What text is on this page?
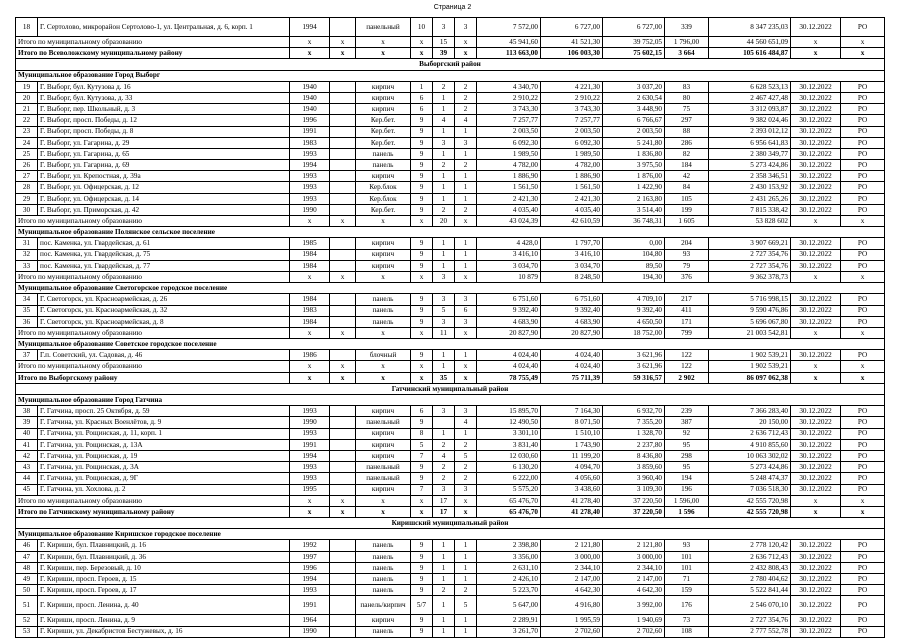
Страница 2
18	Г. Сертолово, микрорайон Сертолово-1, ул. Центральная, д. 6, корп. 1	1994		панельный	10	3	3	7 572,00	6 727,00	6 727,00	339	8 347 235,03	30.12.2022	РО
Итого по муниципальному образованию		x	x	x	x	15	x	45 941,60	41 521,30	39 752,05	1 796,00	44 560 651,09	x	x
Итого по Всеволожскому муниципальному району		x	x	x	x	39	x	113 663,00	106 003,30	75 602,15	3 664	105 616 484,87	x	x
Выборгский район														
Муниципальное образование Город Выборг														
19	Г. Выборг, бул. Кутузова д. 16	1940		кирпич	1	2	2	4 340,70	4 221,30	3 037,20	83	6 628 523,13	30.12.2022	РО
20	Г. Выборг, бул. Кутузова, д. 33	1940		кирпич	6	1	2	2 910,22	2 910,22	2 630,54	80	2 467 427,48	30.12.2022	РО
21	Г. Выборг, пер. Школьный, д. 3	1940		кирпич	6	1	2	3 743,30	3 743,30	3 448,90	75	3 312 093,87	30.12.2022	РО
22	Г. Выборг, просп. Победы, д. 12	1996		Кер.бет.	9	4	4	7 257,77	7 257,77	6 766,67	297	9 382 024,46	30.12.2022	РО
23	Г. Выборг, просп. Победы, д. 8	1991		Кер.бет.	9	1	1	2 003,50	2 003,50	2 003,50	88	2 393 012,12	30.12.2022	РО
24	Г. Выборг, ул. Гагарина, д. 29	1983		Кер.бет.	9	3	3	6 092,30	6 092,30	5 241,80	286	6 956 641,83	30.12.2022	РО
25	Г. Выборг, ул. Гагарина, д. 65	1993		панель	9	1	1	1 989,50	1 989,50	1 836,80	82	2 380 349,77	30.12.2022	РО
26	Г. Выборг, ул. Гагарина, д. 69	1994		панель	9	2	2	4 782,00	4 782,00	3 975,50	184	5 273 424,86	30.12.2022	РО
27	Г. Выборг, ул. Крепостная, д. 39а	1993		кирпич	9	1	1	1 886,90	1 886,90	1 876,00	42	2 358 346,51	30.12.2022	РО
28	Г. Выборг, ул. Офицерская, д. 12	1993		Кер.блок	9	1	1	1 561,50	1 561,50	1 422,90	84	2 430 153,92	30.12.2022	РО
29	Г. Выборг, ул. Офицерская, д. 14	1993		Кер.блок	9	1	1	2 421,30	2 421,30	2 163,80	105	2 431 265,26	30.12.2022	РО
30	Г. Выборг, ул. Приморская, д. 42	1990		Кер.бет.	9	2	2	4 035,40	4 035,40	3 514,40	199	7 815 338,42	30.12.2022	РО
Итого по муниципальному образованию		x	x	x	x	20	x	43 024,39	42 610,59	36 748,31	1 605	53 828 602	x	x
Муниципальное образование Полянское сельское поселение														
31	пос. Каменка, ул. Гвардейская, д. 61	1985		кирпич	9	1	1	4 428,0	1 797,70	0,00	204	3 907 669,21	30.12.2022	РО
32	пос. Каменка, ул. Гвардейская, д. 75	1984		кирпич	9	1	1	3 416,10	3 416,10	104,80	93	2 727 354,76	30.12.2022	РО
33	пос. Каменка, ул. Гвардейская, д. 77	1984		кирпич	9	1	1	3 034,70	3 034,70	89,50	79	2 727 354,76	30.12.2022	РО
Итого по муниципальному образованию		x	x	x	x	3	x	10 879	8 248,50	194,30	376	9 362 378,73	x	x
Муниципальное образование Светогорское городское поселение														
34	Г. Светогорск, ул. Красноармейская, д. 26	1984		панель	9	3	3	6 751,60	6 751,60	4 709,10	217	5 716 998,15	30.12.2022	РО
35	Г. Светогорск, ул. Красноармейская, д. 32	1983		панель	9	5	6	9 392,40	9 392,40	9 392,40	411	9 590 476,86	30.12.2022	РО
36	Г. Светогорск, ул. Красноармейская, д. 8	1984		панель	9	3	3	4 683,90	4 683,90	4 650,50	171	5 696 067,80	30.12.2022	РО
Итого по муниципальному образованию		x	x	x	x	11	x	20 827,90	20 827,90	18 752,00	799	21 003 542,81	x	x
Муниципальное образование Советское городское поселение														
37	Г.п. Советский, ул. Садовая, д. 46	1986		блочный	9	1	1	4 024,40	4 024,40	3 621,96	122	1 902 539,21	30.12.2022	РО
Итого по муниципальному образованию		x	x	x	x	1	x	4 024,40	4 024,40	3 621,96	122	1 902 539,21	x	x
Итого по Выборгскому району		x	x	x	x	35	x	78 755,49	75 711,39	59 316,57	2 902	86 097 062,38	x	x
Гатчинский муниципальный район														
Муниципальное образование Город Гатчина														
38	Г. Гатчина, просп. 25 Октября, д. 59	1993		кирпич	6	3	3	15 895,70	7 164,30	6 932,70	239	7 366 283,40	30.12.2022	РО
39	Г. Гатчина, ул. Красных Военлётов, д. 9	1990		панельный	9		4	12 490,50	8 071,50	7 355,20	387	20 150,00	30.12.2022	РО
40	Г. Гатчина, ул. Рощинская, д. 11, корп. 1	1993		кирпич	8	1	1	3 301,10	1 510,10	1 328,70	92	2 636 712,43	30.12.2022	РО
41	Г. Гатчина, ул. Рощинская, д. 13А	1991		кирпич	5	2	2	3 831,40	1 743,90	2 237,80	95	4 910 855,60	30.12.2022	РО
42	Г. Гатчина, ул. Рощинская, д. 19	1994		кирпич	7	4	5	12 030,60	11 199,20	8 436,80	298	10 063 302,02	30.12.2022	РО
43	Г. Гатчина, ул. Рощинская, д. 3А	1993		панельный	9	2	2	6 130,20	4 094,70	3 859,60	95	5 273 424,86	30.12.2022	РО
44	Г. Гатчина, ул. Рощинская, д. 9Г	1993		панельный	9	2	2	6 222,00	4 056,60	3 960,40	194	5 248 474,37	30.12.2022	РО
45	Г. Гатчина, ул. Хохлова, д. 2	1995		кирпич	7	3	3	5 575,20	3 438,60	3 109,30	196	7 036 518,30	30.12.2022	РО
Итого по муниципальному образованию		x	x	x	x	17	x	65 476,70	41 278,40	37 220,50	1 596,00	42 555 720,98	x	x
Итого по Гатчинскому муниципальному району		x	x	x	x	17	x	65 476,70	41 278,40	37 220,50	1 596	42 555 720,98	x	x
Киришский муниципальный район														
Муниципальное образование Киришское городское поселение														
46	Г. Кириши, бул. Плавницкий, д. 16	1992		панель	9	1	1	2 398,80	2 121,80	2 121,80	93	2 778 120,42	30.12.2022	РО
47	Г. Кириши, бул. Плавницкий, д. 36	1997		панель	9	1	1	3 356,00	3 000,00	3 000,00	101	2 636 712,43	30.12.2022	РО
48	Г. Кириши, пер. Березовый, д. 10	1996		панель	9	1	1	2 631,10	2 344,10	2 344,10	101	2 432 808,43	30.12.2022	РО
49	Г. Кириши, просп. Героев, д. 15	1994		панель	9	1	1	2 426,10	2 147,00	2 147,00	71	2 780 404,62	30.12.2022	РО
50	Г. Кириши, просп. Героев, д. 17	1993		панель	9	2	2	5 223,70	4 642,30	4 642,30	159	5 522 841,44	30.12.2022	РО
51	Г. Кириши, просп. Ленина, д. 40	1991		панель/кирпич	5/7	1	5	5 647,00	4 916,80	3 992,00	176	2 546 070,10	30.12.2022	РО
52	Г. Кириши, просп. Ленина, д. 9	1964		кирпич	9	1	1	2 289,91	1 995,59	1 940,69	73	2 727 354,76	30.12.2022	РО
53	Г. Кириши, ул. Декабристов Бестужевых, д. 16	1990		панель	9	1	1	3 261,70	2 702,60	2 702,60	108	2 777 552,78	30.12.2022	РО
